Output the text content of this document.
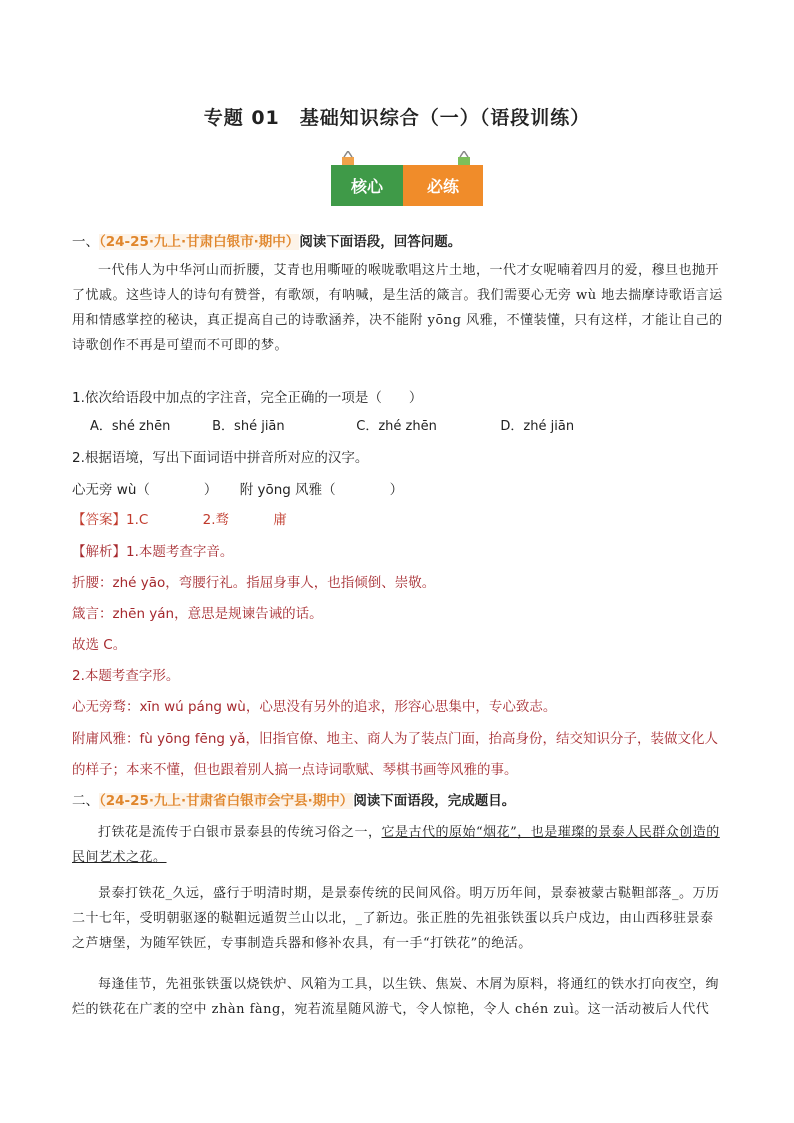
专题 01　基础知识综合（一）（语段训练）
核心	必练
一、（24-25·九上·甘肃白银市·期中）阅读下面语段，回答问题。
一代伟人为中华河山而折腰，艾青也用嘶哑的喉咙歌唱这片土地，一代才女呢喃着四月的爱，穆旦也抛开了忧戚。这些诗人的诗句有赞誉，有歌颂，有呐喊，是生活的箴言。我们需要心无旁 wù 地去揣摩诗歌语言运用和情感掌控的秘诀，真正提高自己的诗歌涵养，决不能附 yōng 风雅，不懂装懂，只有这样，才能让自己的诗歌创作不再是可望而不可即的梦。
1.依次给语段中加点的字注音，完全正确的一项是（　　）
A．shé zhēn	B．shé jiān	C．zhé zhēn	D．zhé jiān
2.根据语境，写出下面词语中拼音所对应的汉字。
心无旁 wù（　　　　） 附 yōng 风雅（　　　　）
【答案】1.C	2.骛	庸
【解析】1.本题考查字音。
折腰：zhé yāo，弯腰行礼。指屈身事人，也指倾倒、崇敬。
箴言：zhēn yán，意思是规谏告诫的话。
故选 C。
2.本题考查字形。
心无旁骛：xīn wú páng wù，心思没有另外的追求，形容心思集中，专心致志。
附庸风雅：fù yōng fēng yǎ，旧指官僚、地主、商人为了装点门面，抬高身份，结交知识分子，装做文化人
的样子；本来不懂，但也跟着别人搞一点诗词歌赋、琴棋书画等风雅的事。
二、（24-25·九上·甘肃省白银市会宁县·期中）阅读下面语段，完成题目。
打铁花是流传于白银市景泰县的传统习俗之一，它是古代的原始“烟花”，也是璀璨的景泰人民群众创造的民间艺术之花。
景泰打铁花_久远，盛行于明清时期，是景泰传统的民间风俗。明万历年间，景泰被蒙古鞑靼部落_。万历二十七年，受明朝驱逐的鞑靼远遁贺兰山以北，_了新边。张正胜的先祖张铁蛋以兵户戍边，由山西移驻景泰之芦塘堡，为随军铁匠，专事制造兵器和修补农具，有一手“打铁花”的绝活。
每逢佳节，先祖张铁蛋以烧铁炉、风箱为工具，以生铁、焦炭、木屑为原料，将通红的铁水打向夜空，绚烂的铁花在广袤的空中 zhàn fàng，宛若流星随风游弋，令人惊艳，令人 chén zuì。这一活动被后人代代
